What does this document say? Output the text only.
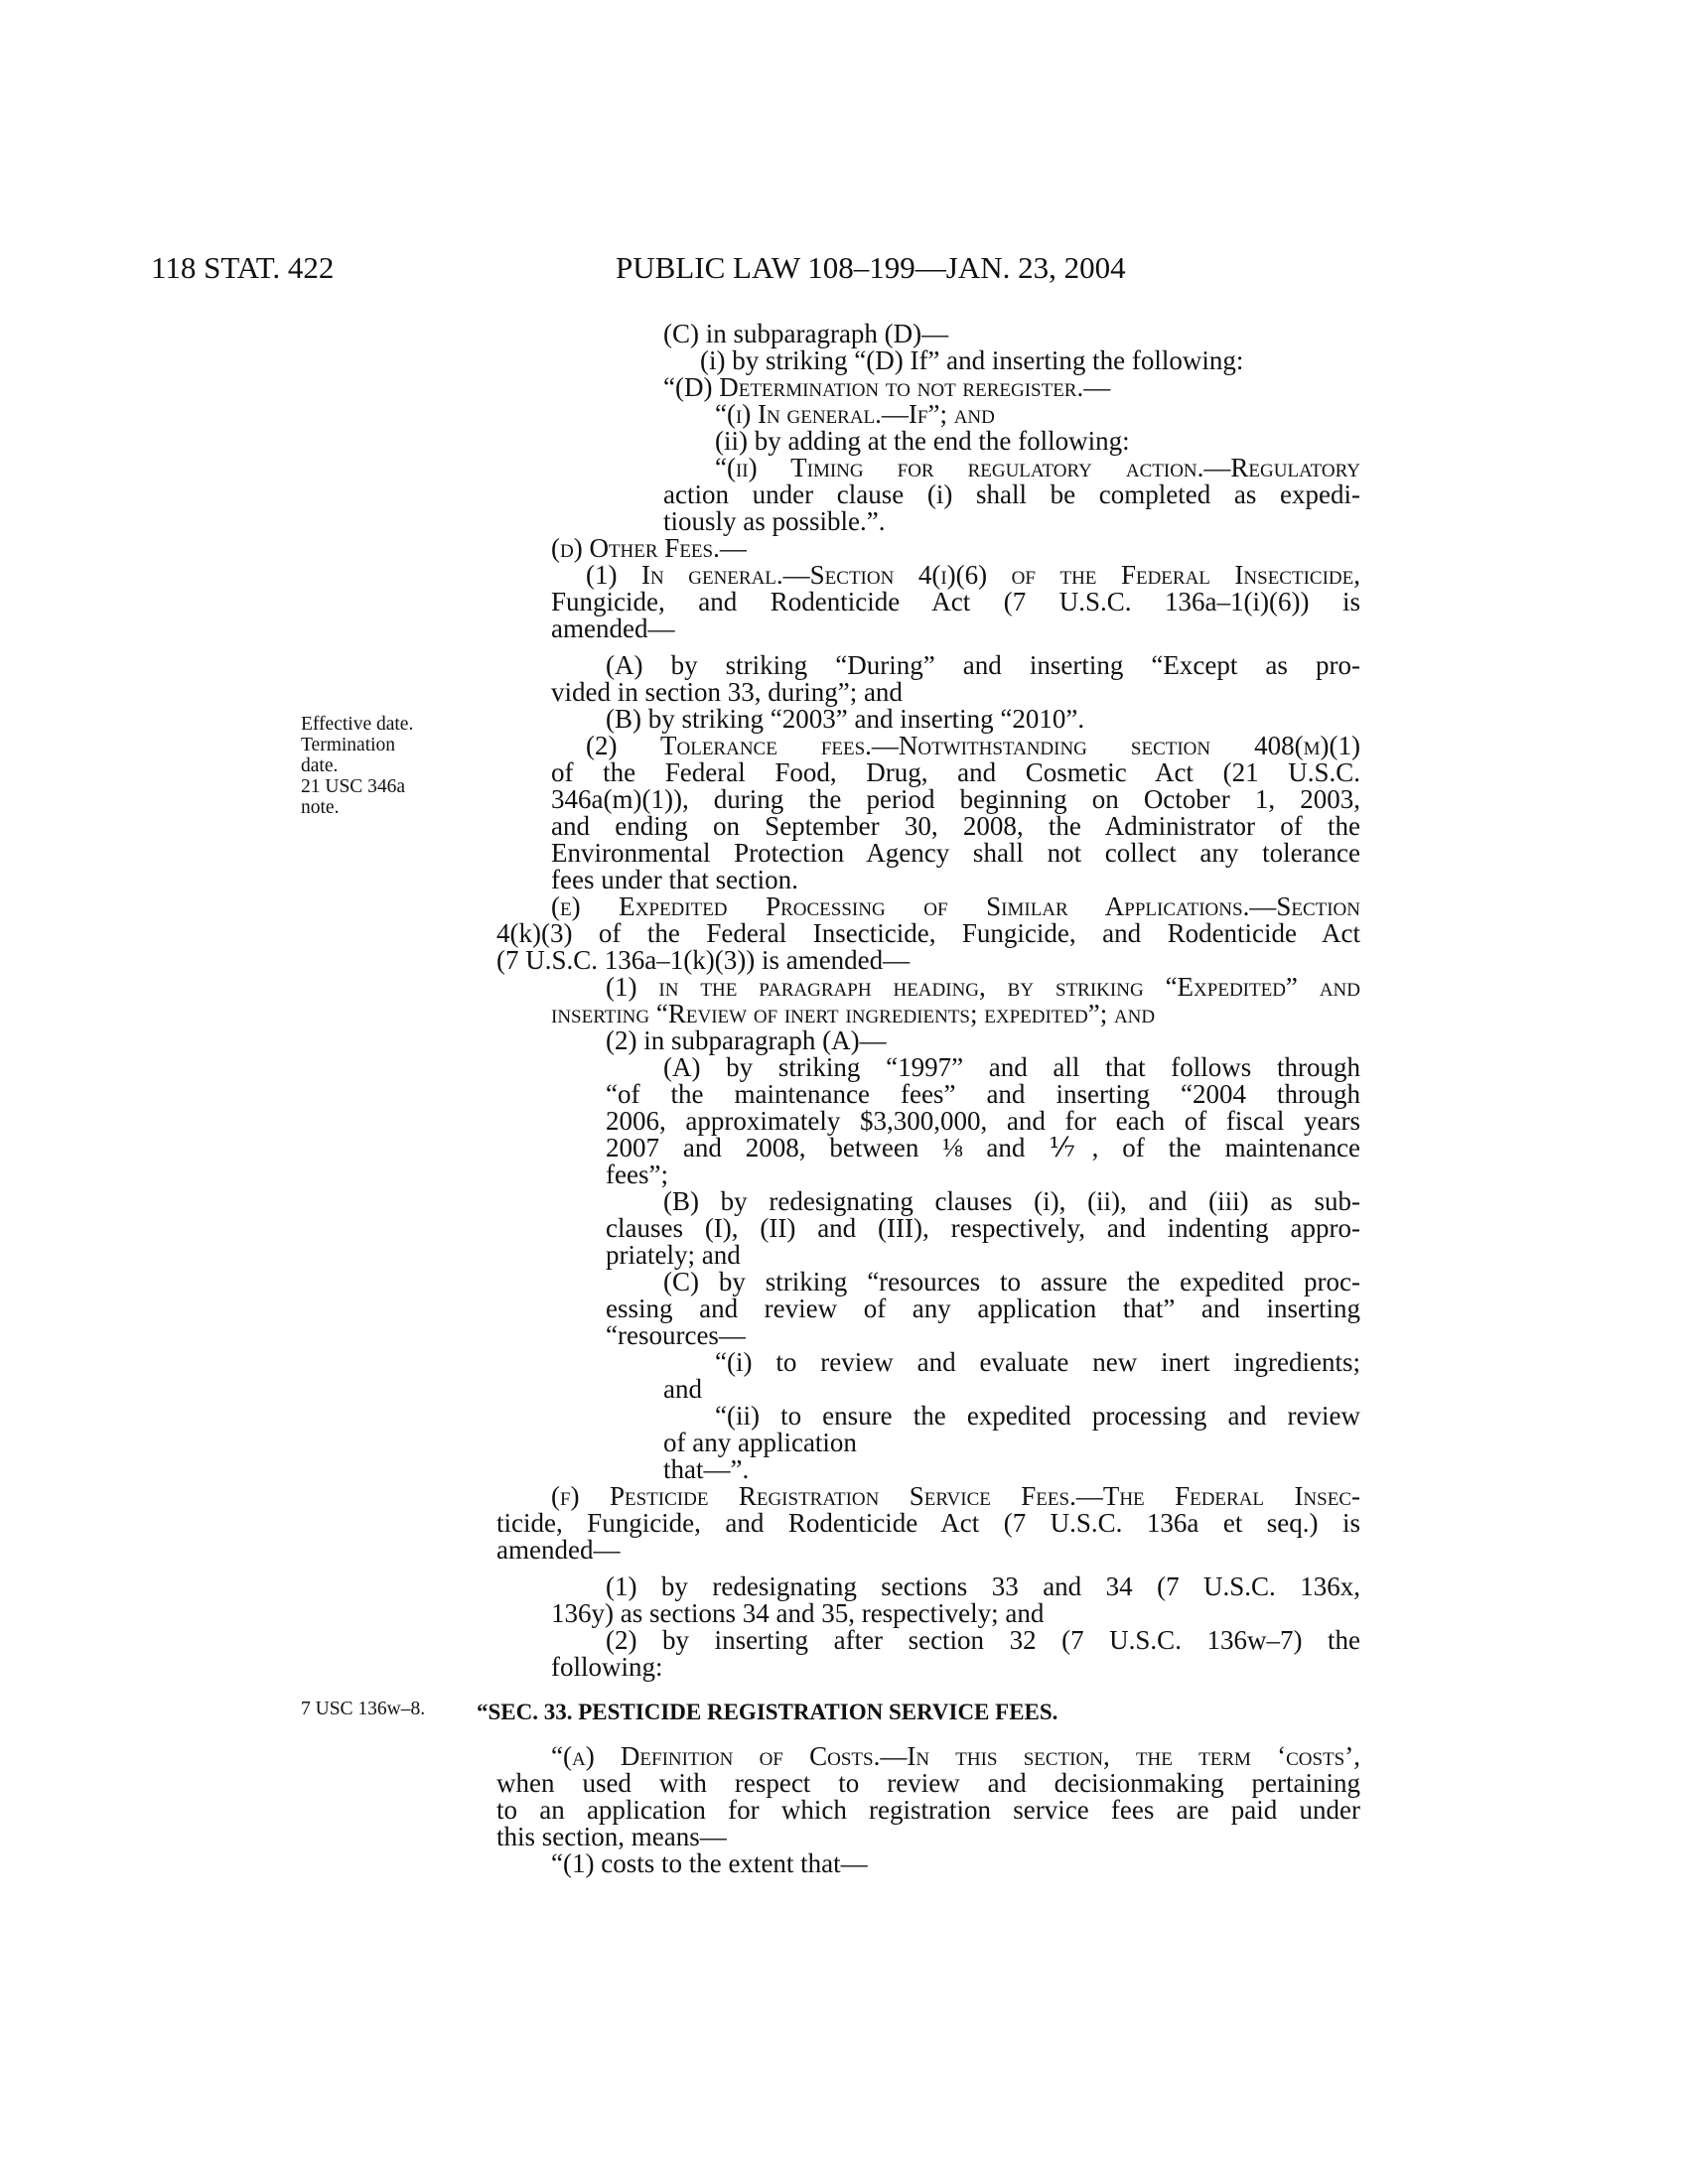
118 STAT. 422	PUBLIC LAW 108–199—JAN. 23, 2004
Effective date.
Termination
date.
21 USC 346a
note.
7 USC 136w–8. “SEC. 33. PESTICIDE REGISTRATION SERVICE FEES.
(C) in subparagraph (D)—
(i) by striking “(D) If” and inserting the following:
“(D) Determination to not reregister.—
“(i) In general.—If”; and
(ii) by adding at the end the following:
“(ii) Timing for regulatory action.—Regulatory
action under clause (i) shall be completed as expedi-
tiously as possible.”.
(d) Other Fees.—
(1) In general.—Section 4(i)(6) of the Federal Insecticide,
Fungicide, and Rodenticide Act (7 U.S.C. 136a–1(i)(6)) is
amended—
(A) by striking “During” and inserting “Except as pro-
vided in section 33, during”; and
(B) by striking “2003” and inserting “2010”.
(2) Tolerance fees.—Notwithstanding section 408(m)(1)
of the Federal Food, Drug, and Cosmetic Act (21 U.S.C.
346a(m)(1)), during the period beginning on October 1, 2003,
and ending on September 30, 2008, the Administrator of the
Environmental Protection Agency shall not collect any tolerance
fees under that section.
(e) Expedited Processing of Similar Applications.—Section
4(k)(3) of the Federal Insecticide, Fungicide, and Rodenticide Act
(7 U.S.C. 136a–1(k)(3)) is amended—
(1) in the paragraph heading, by striking “Expedited” and
inserting “Review of inert ingredients; expedited”; and
(2) in subparagraph (A)—
(A) by striking “1997” and all that follows through
“of the maintenance fees” and inserting “2004 through
2006, approximately $3,300,000, and for each of fiscal years
2007 and 2008, between ⅛ and ⅐, of the maintenance
fees”;
(B) by redesignating clauses (i), (ii), and (iii) as sub-
clauses (I), (II) and (III), respectively, and indenting appro-
priately; and
(C) by striking “resources to assure the expedited proc-
essing and review of any application that” and inserting
“resources—
“(i) to review and evaluate new inert ingredients;
and
“(ii) to ensure the expedited processing and review
of any application
that—”.
(f) Pesticide Registration Service Fees.—The Federal Insec-
ticide, Fungicide, and Rodenticide Act (7 U.S.C. 136a et seq.) is
amended—
(1) by redesignating sections 33 and 34 (7 U.S.C. 136x,
136y) as sections 34 and 35, respectively; and
(2) by inserting after section 32 (7 U.S.C. 136w–7) the
following:
“(a) Definition of Costs.—In this section, the term ‘costs’,
when used with respect to review and decisionmaking pertaining
to an application for which registration service fees are paid under
this section, means—
“(1) costs to the extent that—
